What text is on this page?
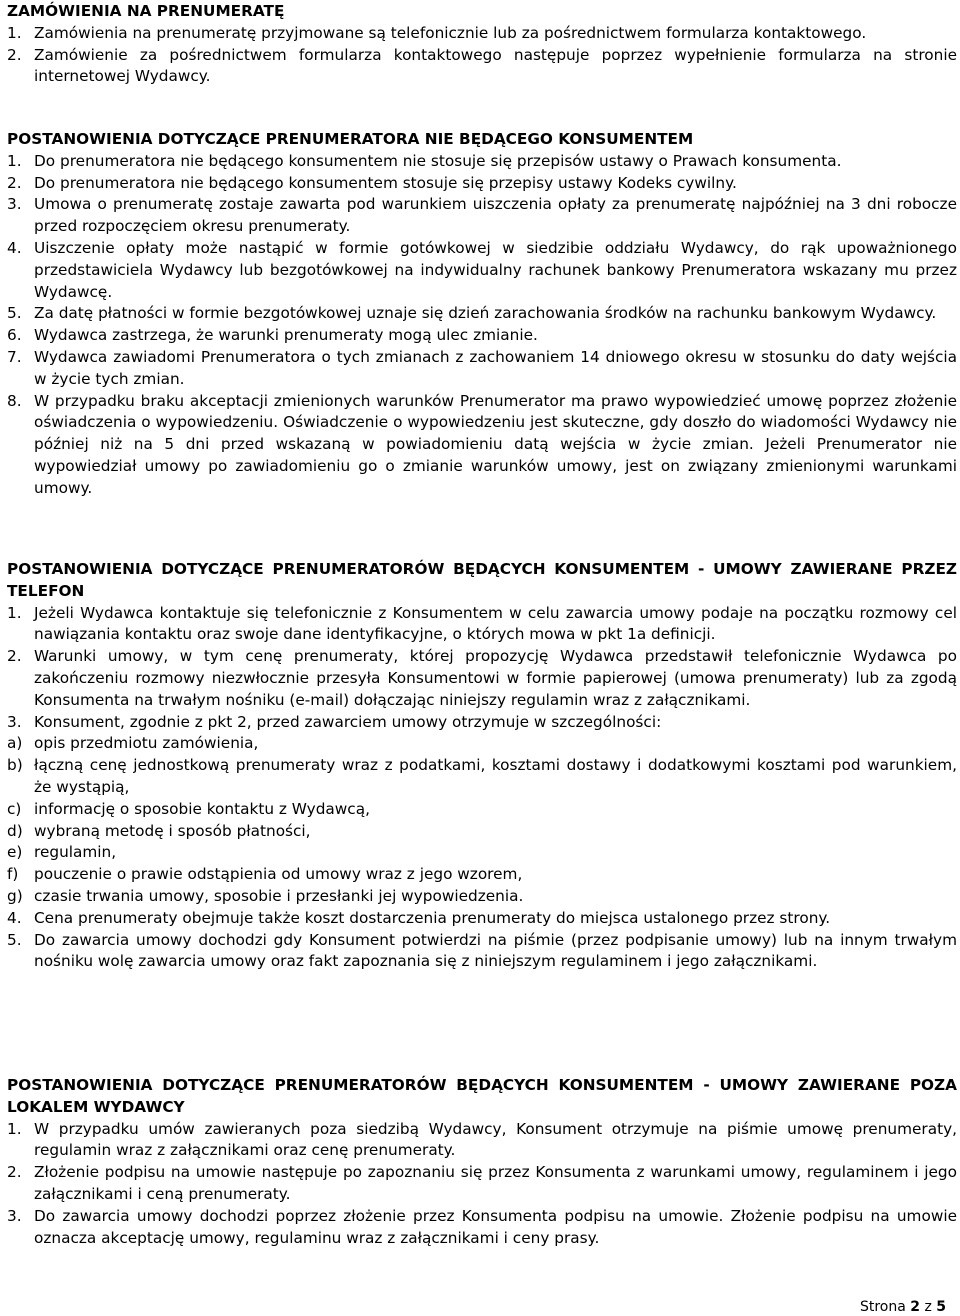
ZAMÓWIENIA NA PRENUMERATĘ

1. Zamówienia na prenumeratę przyjmowane są telefonicznie lub za pośrednictwem formularza kontaktowego.
2. Zamówienie za pośrednictwem formularza kontaktowego następuje poprzez wypełnienie formularza na stronie internetowej Wydawcy.

POSTANOWIENIA DOTYCZĄCE PRENUMERATORA NIE BĘDĄCEGO KONSUMENTEM

1. Do prenumeratora nie będącego konsumentem nie stosuje się przepisów ustawy o Prawach konsumenta.
2. Do prenumeratora nie będącego konsumentem stosuje się przepisy ustawy Kodeks cywilny.
3. Umowa o prenumeratę zostaje zawarta pod warunkiem uiszczenia opłaty za prenumeratę najpóźniej na 3 dni robocze przed rozpoczęciem okresu prenumeraty.
4. Uiszczenie opłaty może nastąpić w formie gotówkowej w siedzibie oddziału Wydawcy, do rąk upoważnionego przedstawiciela Wydawcy lub bezgotówkowej na indywidualny rachunek bankowy Prenumeratora wskazany mu przez Wydawcę.
5. Za datę płatności w formie bezgotówkowej uznaje się dzień zarachowania środków na rachunku bankowym Wydawcy.
6. Wydawca zastrzega, że warunki prenumeraty mogą ulec zmianie.
7. Wydawca zawiadomi Prenumeratora o tych zmianach z zachowaniem 14 dniowego okresu w stosunku do daty wejścia w życie tych zmian.
8. W przypadku braku akceptacji zmienionych warunków Prenumerator ma prawo wypowiedzieć umowę poprzez złożenie oświadczenia o wypowiedzeniu. Oświadczenie o wypowiedzeniu jest skuteczne, gdy doszło do wiadomości Wydawcy nie później niż na 5 dni przed wskazaną w powiadomieniu datą wejścia w życie zmian. Jeżeli Prenumerator nie wypowiedział umowy po zawiadomieniu go o zmianie warunków umowy, jest on związany zmienionymi warunkami umowy.

POSTANOWIENIA DOTYCZĄCE PRENUMERATORÓW BĘDĄCYCH KONSUMENTEM - UMOWY ZAWIERANE PRZEZ TELEFON

1. Jeżeli Wydawca kontaktuje się telefonicznie z Konsumentem w celu zawarcia umowy podaje na początku rozmowy cel nawiązania kontaktu oraz swoje dane identyfikacyjne, o których mowa w pkt 1a definicji.
2. Warunki umowy, w tym cenę prenumeraty, której propozycję Wydawca przedstawił telefonicznie Wydawca po zakończeniu rozmowy niezwłocznie przesyła Konsumentowi w formie papierowej (umowa prenumeraty) lub za zgodą Konsumenta na trwałym nośniku (e-mail) dołączając niniejszy regulamin wraz z załącznikami.
3. Konsument, zgodnie z pkt 2, przed zawarciem umowy otrzymuje w szczególności:
a) opis przedmiotu zamówienia,
b) łączną cenę jednostkową prenumeraty wraz z podatkami, kosztami dostawy i dodatkowymi kosztami pod warunkiem, że wystąpią,
c) informację o sposobie kontaktu z Wydawcą,
d) wybraną metodę i sposób płatności,
e) regulamin,
f)	pouczenie o prawie odstąpienia od umowy wraz z jego wzorem,
g) czasie trwania umowy, sposobie i przesłanki jej wypowiedzenia.
4. Cena prenumeraty obejmuje także koszt dostarczenia prenumeraty do miejsca ustalonego przez strony.
5. Do zawarcia umowy dochodzi gdy Konsument potwierdzi na piśmie (przez podpisanie umowy) lub na innym trwałym nośniku wolę zawarcia umowy oraz fakt zapoznania się z niniejszym regulaminem i jego załącznikami.

POSTANOWIENIA DOTYCZĄCE PRENUMERATORÓW BĘDĄCYCH KONSUMENTEM - UMOWY ZAWIERANE POZA LOKALEM WYDAWCY

1. W przypadku umów zawieranych poza siedzibą Wydawcy, Konsument otrzymuje na piśmie umowę prenumeraty, regulamin wraz z załącznikami oraz cenę prenumeraty.
2. Złożenie podpisu na umowie następuje po zapoznaniu się przez Konsumenta z warunkami umowy, regulaminem i jego załącznikami i ceną prenumeraty.
3. Do zawarcia umowy dochodzi poprzez złożenie przez Konsumenta podpisu na umowie. Złożenie podpisu na umowie oznacza akceptację umowy, regulaminu wraz z załącznikami i ceny prasy.
Strona 2 z 5
